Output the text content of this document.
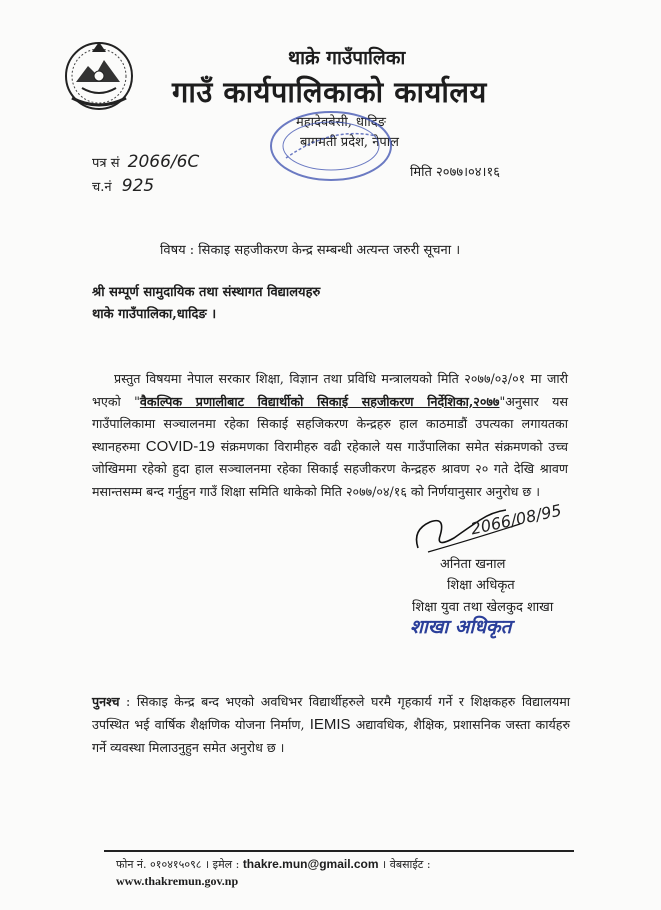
थाक्रे गाउँपालिका
गाउँ कार्यपालिकाको कार्यालय
महादेवबेसी, धादिङ
बागमती प्रदेश, नेपाल
पत्र सं 2066/6C
च.नं 925
मिति २०७७।०४।१६
विषय : सिकाइ सहजीकरण केन्द्र सम्बन्धी अत्यन्त जरुरी सूचना ।
श्री सम्पूर्ण सामुदायिक तथा संस्थागत विद्यालयहरु
थाके गाउँपालिका,धादिङ ।
प्रस्तुत विषयमा नेपाल सरकार शिक्षा, विज्ञान तथा प्रविधि मन्त्रालयको मिति २०७७/०३/०१ मा जारी भएको "वैकल्पिक प्रणालीबाट विद्यार्थीको सिकाई सहजीकरण निर्देशिका,२०७७"अनुसार यस गाउँपालिकामा सञ्चालनमा रहेका सिकाई सहजिकरण केन्द्रहरु हाल काठमाडौं उपत्यका लगायतका स्थानहरुमा COVID-19 संक्रमणका विरामीहरु वढी रहेकाले यस गाउँपालिका समेत संक्रमणको उच्च जोखिममा रहेको हुदा हाल सञ्चालनमा रहेका सिकाई सहजीकरण केन्द्रहरु श्रावण २० गते देखि श्रावण मसान्तसम्म बन्द गर्नुहुन गाउँ शिक्षा समिति थाकेको मिति २०७७/०४/१६ को निर्णयानुसार अनुरोध छ ।
2066/08/95
अनिता खनाल
शिक्षा अधिकृत
शिक्षा युवा तथा खेलकुद शाखा
शाखा अधिकृत
पुनश्च : सिकाइ केन्द्र बन्द भएको अवधिभर विद्यार्थीहरुले घरमै गृहकार्य गर्ने र शिक्षकहरु विद्यालयमा उपस्थित भई वार्षिक शैक्षणिक योजना निर्माण, IEMIS अद्यावधिक, शैक्षिक, प्रशासनिक जस्ता कार्यहरु गर्ने व्यवस्था मिलाउनुहुन समेत अनुरोध छ ।
फोन नं. ०१०४१५०९८ । इमेल : thakre.mun@gmail.com । वेबसाईट :
www.thakremun.gov.np
